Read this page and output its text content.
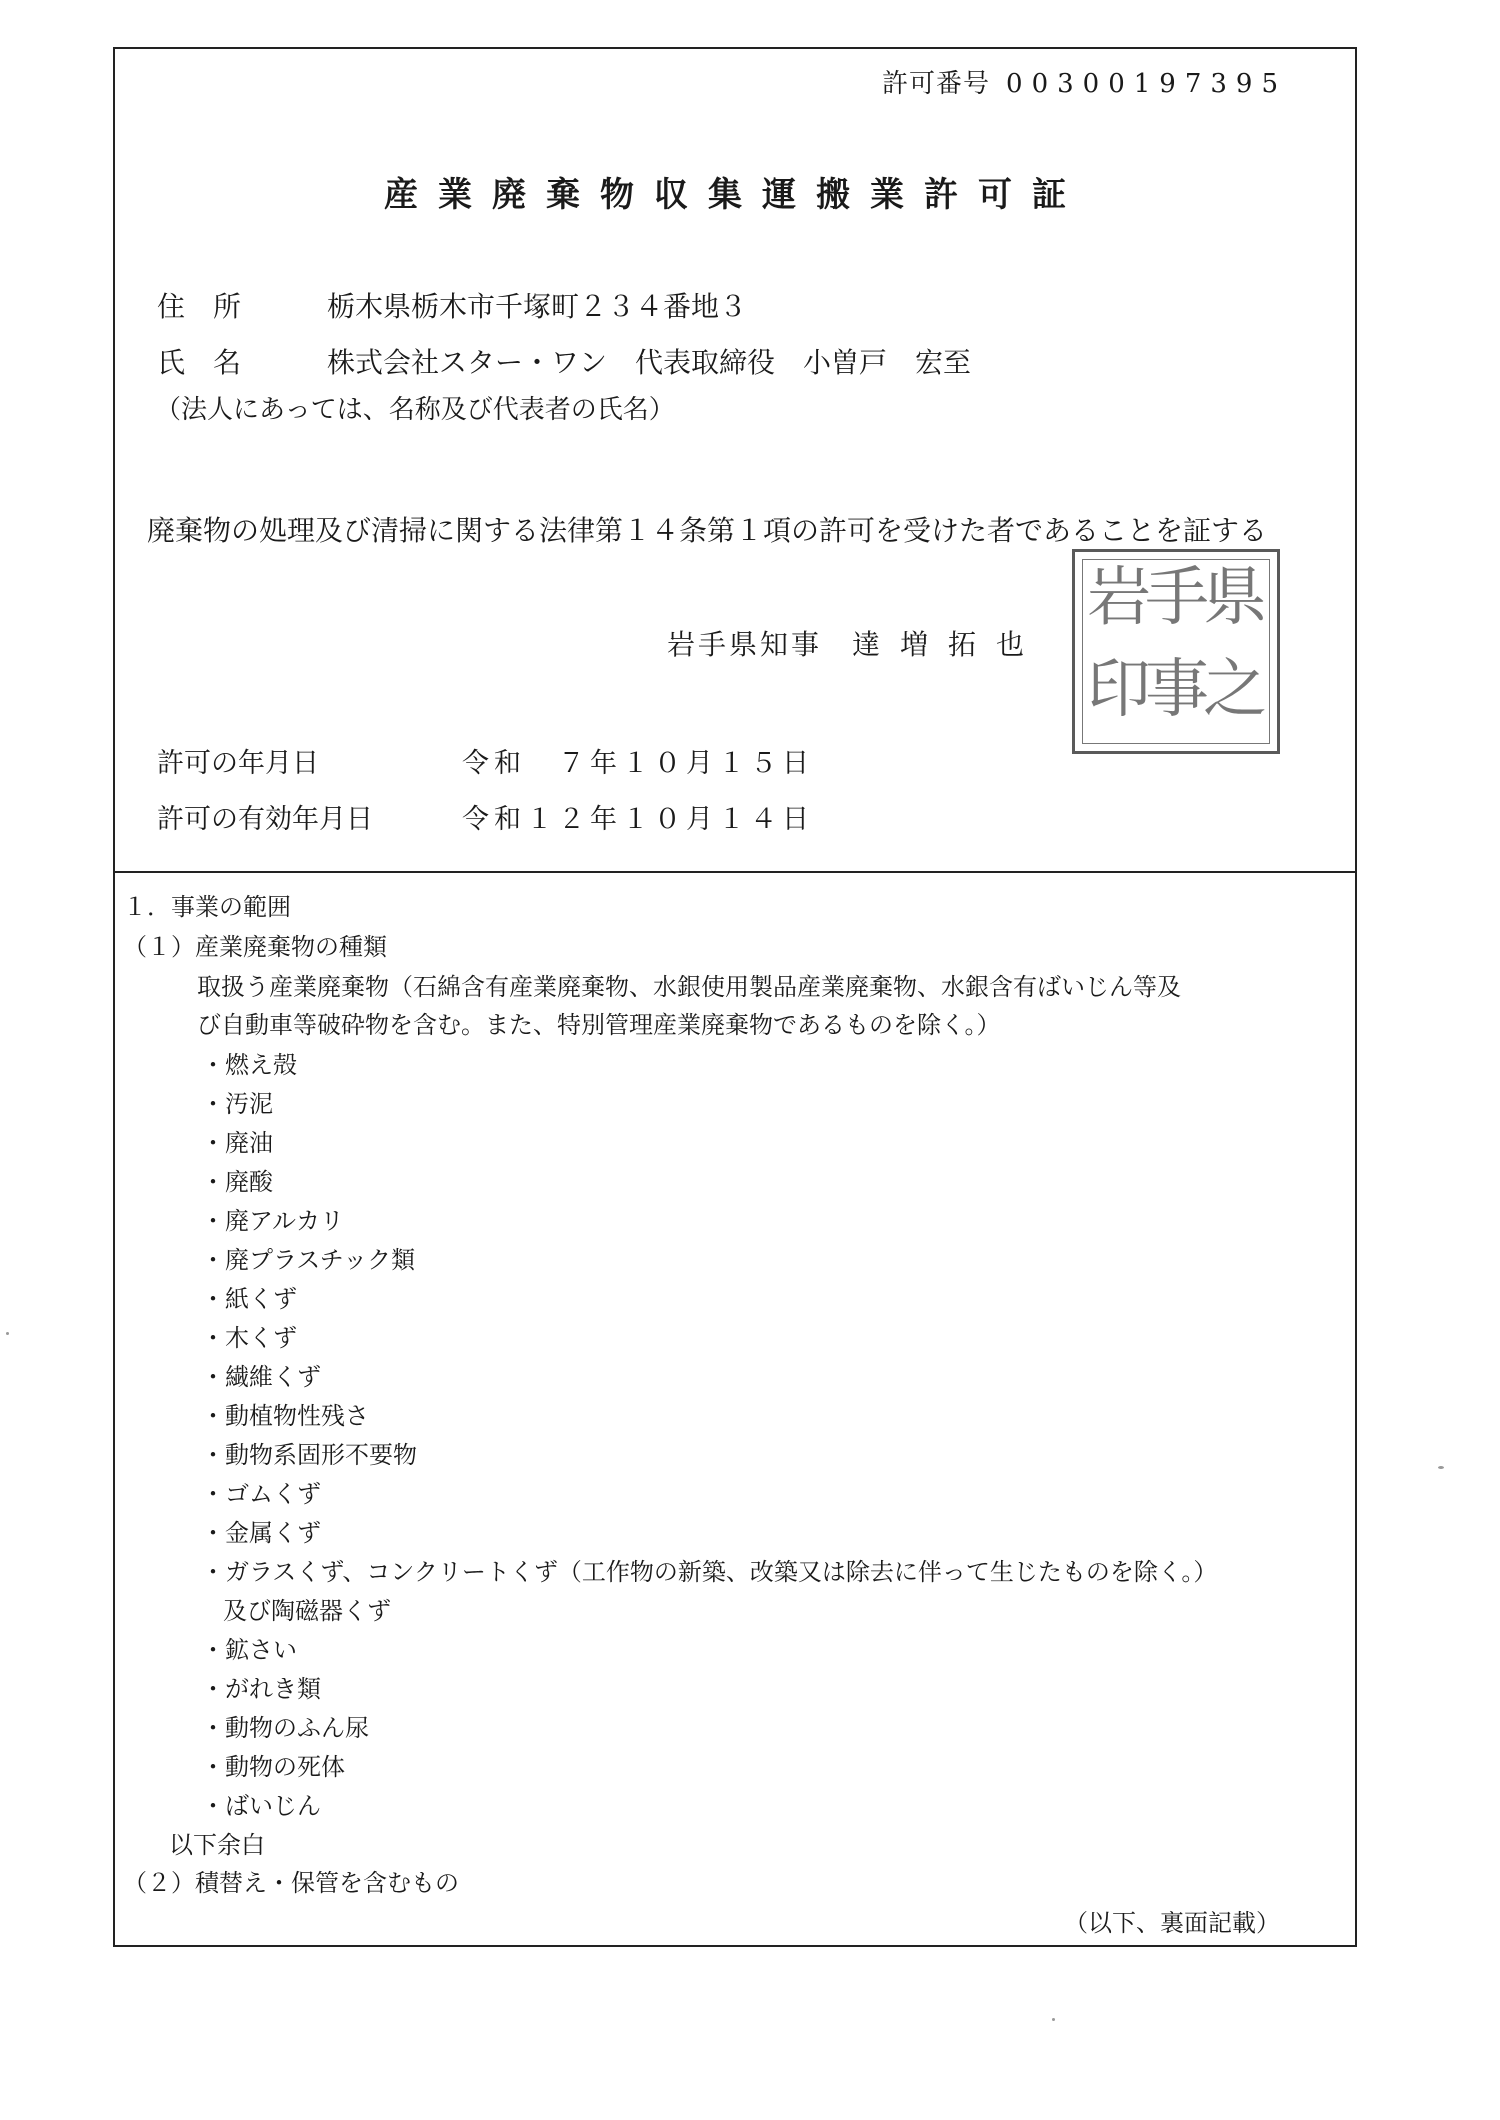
許可番号 00300197395
産業廃棄物収集運搬業許可証
住所 栃木県栃木市千塚町２３４番地３
氏名 株式会社スター・ワン　代表取締役　小曽戸　宏至
（法人にあっては、名称及び代表者の氏名）
廃棄物の処理及び清掃に関する法律第１４条第１項の許可を受けた者であることを証する
岩手県知事 達増拓也
県
手
岩
之
事
印
許可の年月日	令和　７年１０月１５日
許可の有効年月日	令和１２年１０月１４日
１．事業の範囲
（１）産業廃棄物の種類
取扱う産業廃棄物（石綿含有産業廃棄物、水銀使用製品産業廃棄物、水銀含有ばいじん等及
び自動車等破砕物を含む。また、特別管理産業廃棄物であるものを除く。）
・燃え殻
・汚泥
・廃油
・廃酸
・廃アルカリ
・廃プラスチック類
・紙くず
・木くず
・繊維くず
・動植物性残さ
・動物系固形不要物
・ゴムくず
・金属くず
・ガラスくず、コンクリートくず（工作物の新築、改築又は除去に伴って生じたものを除く。）
及び陶磁器くず
・鉱さい
・がれき類
・動物のふん尿
・動物の死体
・ばいじん
以下余白
（２）積替え・保管を含むもの
（以下、裏面記載）
